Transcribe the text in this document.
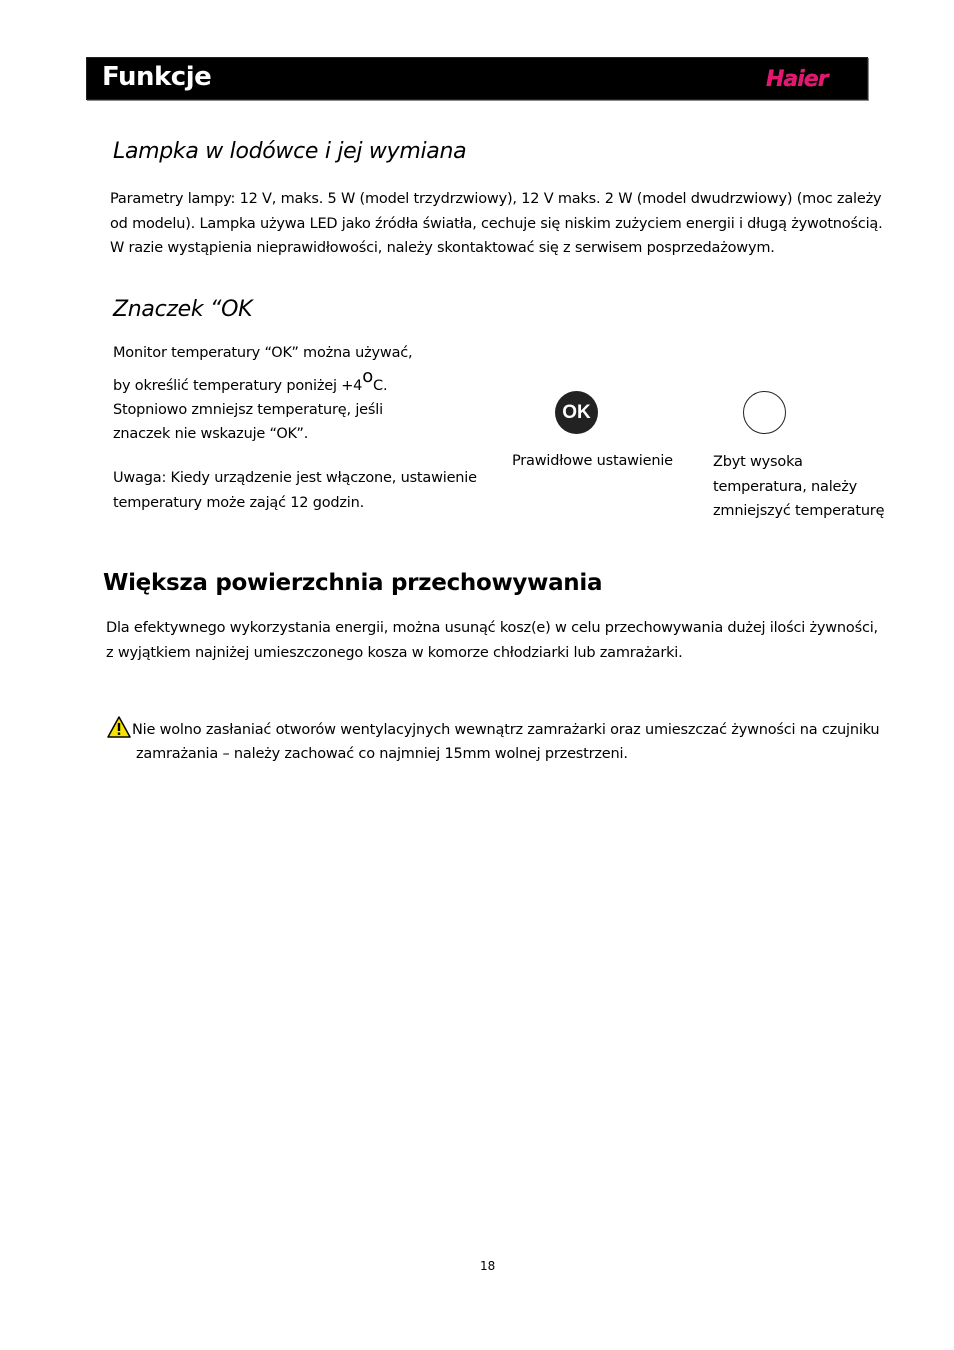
Funkcje	Haier
Lampka w lodówce i jej wymiana
Parametry lampy: 12 V, maks. 5 W (model trzydrzwiowy), 12 V maks. 2 W (model dwudrzwiowy) (moc zależy
od modelu). Lampka używa LED jako źródła światła, cechuje się niskim zużyciem energii i długą żywotnością.
W razie wystąpienia nieprawidłowości, należy skontaktować się z serwisem posprzedażowym.
Znaczek “OK
Monitor temperatury “OK” można używać,
by określić temperatury poniżej +4oC.
Stopniowo zmniejsz temperaturę, jeśli
znaczek nie wskazuje “OK”.
Uwaga: Kiedy urządzenie jest włączone, ustawienie
temperatury może zająć 12 godzin.
OK
Prawidłowe ustawienie	Zbyt wysoka
temperatura, należy
zmniejszyć temperaturę
Większa powierzchnia przechowywania
Dla efektywnego wykorzystania energii, można usunąć kosz(e) w celu przechowywania dużej ilości żywności,
z wyjątkiem najniżej umieszczonego kosza w komorze chłodziarki lub zamrażarki.
Nie wolno zasłaniać otworów wentylacyjnych wewnątrz zamrażarki oraz umieszczać żywności na czujniku
zamrażania – należy zachować co najmniej 15mm wolnej przestrzeni.
18
